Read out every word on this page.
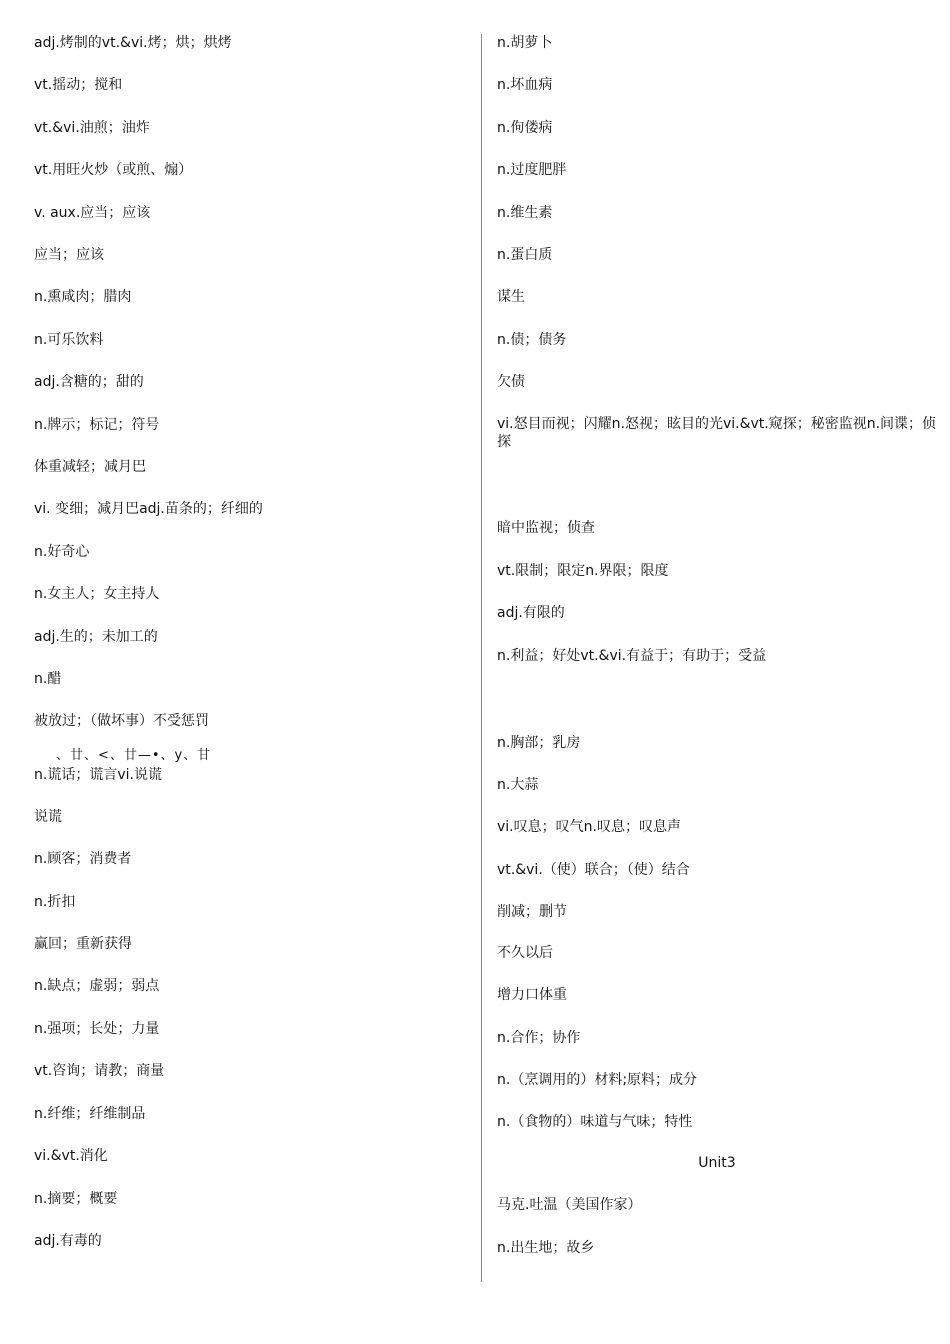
adj.烤制的vt.&vi.烤；烘；烘烤
vt.摇动；搅和
vt.&vi.油煎；油炸
vt.用旺火炒（或煎、煽）
v. aux.应当；应该
应当；应该
n.熏咸肉；腊肉
n.可乐饮料
adj.含糖的；甜的
n.牌示；标记；符号
体重减轻；减月巴
vi. 变细；减月巴adj.苗条的；纤细的
n.好奇心
n.女主人；女主持人
adj.生的；未加工的
n.醋
被放过；（做坏事）不受惩罚
、廿、<、廿—•、y、甘
n.谎话；谎言vi.说谎
说谎
n.顾客；消费者
n.折扣
赢回；重新获得
n.缺点；虚弱；弱点
n.强项；长处；力量
vt.咨询；请教；商量
n.纤维；纤维制品
vi.&vt.消化
n.摘要；概要
adj.有毒的
n.胡萝卜
n.坏血病
n.佝偻病
n.过度肥胖
n.维生素
n.蛋白质
谋生
n.债；债务
欠债
vi.怒目而视；闪耀n.怒视；眩目的光vi.&vt.窥探；秘密监视n.间谍；侦探
暗中监视；侦查
vt.限制；限定n.界限；限度
adj.有限的
n.利益；好处vt.&vi.有益于；有助于；受益
n.胸部；乳房
n.大蒜
vi.叹息；叹气n.叹息；叹息声
vt.&vi.（使）联合；（使）结合
削减；删节
不久以后
增力口体重
n.合作；协作
n.（烹调用的）材料;原料；成分
n.（食物的）味道与气味；特性
Unit3
马克.吐温（美国作家）
n.出生地；故乡
